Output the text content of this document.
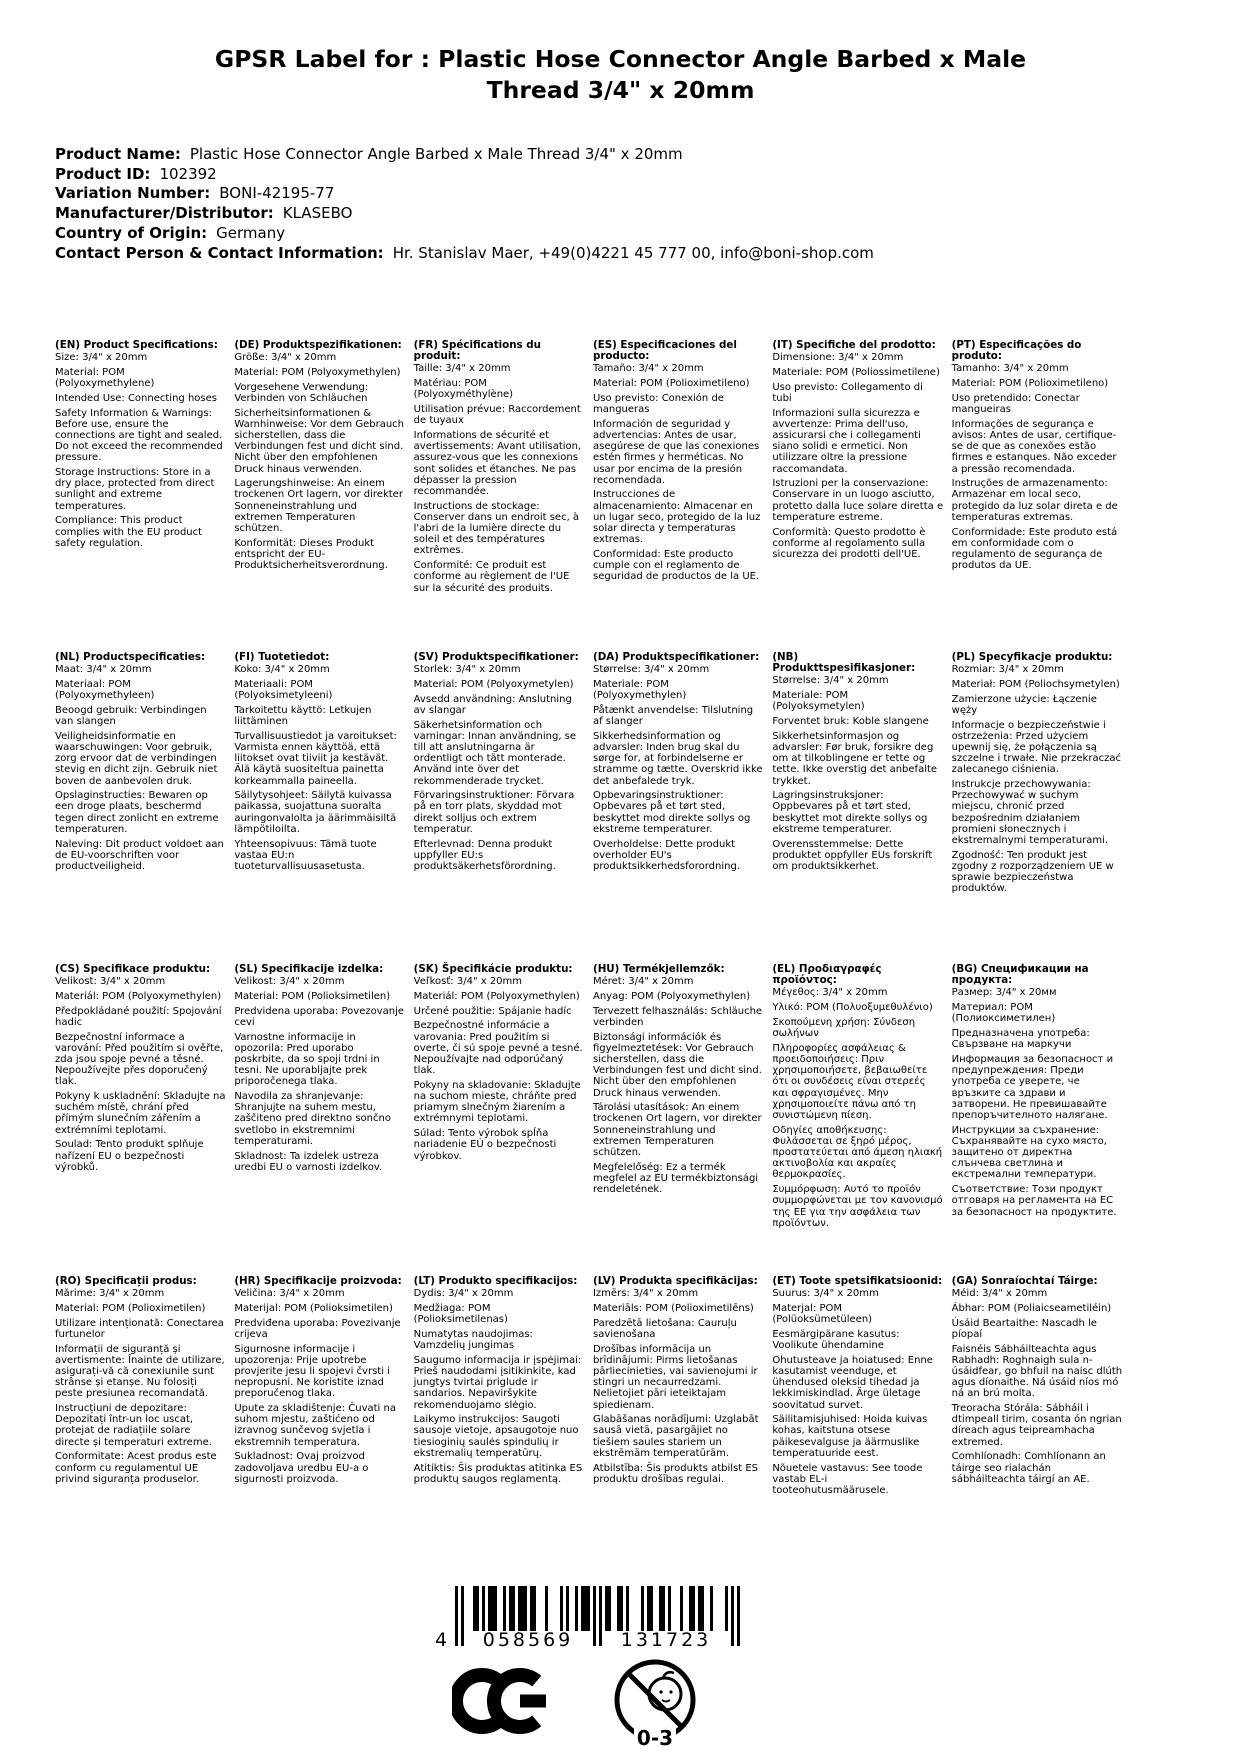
GPSR Label for : Plastic Hose Connector Angle Barbed x Male Thread 3/4" x 20mm
Product Name: Plastic Hose Connector Angle Barbed x Male Thread 3/4" x 20mm
Product ID: 102392
Variation Number: BONI-42195-77
Manufacturer/Distributor: KLASEBO
Country of Origin: Germany
Contact Person & Contact Information: Hr. Stanislav Maer, +49(0)4221 45 777 00, info@boni-shop.com
(EN) Product Specifications:

Size: 3/4" x 20mm

Material: POM (Polyoxymethylene)

Intended Use: Connecting hoses

Safety Information & Warnings: Before use, ensure the connections are tight and sealed. Do not exceed the recommended pressure.

Storage Instructions: Store in a dry place, protected from direct sunlight and extreme temperatures.

Compliance: This product complies with the EU product safety regulation.

(DE) Produktspezifikationen:

Größe: 3/4" x 20mm

Material: POM (Polyoxymethylen)

Vorgesehene Verwendung: Verbinden von Schläuchen

Sicherheitsinformationen & Warnhinweise: Vor dem Gebrauch sicherstellen, dass die Verbindungen fest und dicht sind. Nicht über den empfohlenen Druck hinaus verwenden.

Lagerungshinweise: An einem trockenen Ort lagern, vor direkter Sonneneinstrahlung und extremen Temperaturen schützen.

Konformität: Dieses Produkt entspricht der EU-Produktsicherheitsverordnung.

(FR) Spécifications du produit:

Taille: 3/4" x 20mm

Matériau: POM (Polyoxyméthylène)

Utilisation prévue: Raccordement de tuyaux

Informations de sécurité et avertissements: Avant utilisation, assurez-vous que les connexions sont solides et étanches. Ne pas dépasser la pression recommandée.

Instructions de stockage: Conserver dans un endroit sec, à l'abri de la lumière directe du soleil et des températures extrêmes.

Conformité: Ce produit est conforme au règlement de l'UE sur la sécurité des produits.

(ES) Especificaciones del producto:

Tamaño: 3/4" x 20mm

Material: POM (Polioximetileno)

Uso previsto: Conexión de mangueras

Información de seguridad y advertencias: Antes de usar, asegúrese de que las conexiones estén firmes y herméticas. No usar por encima de la presión recomendada.

Instrucciones de almacenamiento: Almacenar en un lugar seco, protegido de la luz solar directa y temperaturas extremas.

Conformidad: Este producto cumple con el reglamento de seguridad de productos de la UE.

(IT) Specifiche del prodotto:

Dimensione: 3/4" x 20mm

Materiale: POM (Poliossimetilene)

Uso previsto: Collegamento di tubi

Informazioni sulla sicurezza e avvertenze: Prima dell'uso, assicurarsi che i collegamenti siano solidi e ermetici. Non utilizzare oltre la pressione raccomandata.

Istruzioni per la conservazione: Conservare in un luogo asciutto, protetto dalla luce solare diretta e temperature estreme.

Conformità: Questo prodotto è conforme al regolamento sulla sicurezza dei prodotti dell'UE.

(PT) Especificações do produto:

Tamanho: 3/4" x 20mm

Material: POM (Polioximetileno)

Uso pretendido: Conectar mangueiras

Informações de segurança e avisos: Antes de usar, certifique-se de que as conexões estão firmes e estanques. Não exceder a pressão recomendada.

Instruções de armazenamento: Armazenar em local seco, protegido da luz solar direta e de temperaturas extremas.

Conformidade: Este produto está em conformidade com o regulamento de segurança de produtos da UE.

(NL) Productspecificaties:

Maat: 3/4" x 20mm

Materiaal: POM (Polyoxymethyleen)

Beoogd gebruik: Verbindingen van slangen

Veiligheidsinformatie en waarschuwingen: Voor gebruik, zorg ervoor dat de verbindingen stevig en dicht zijn. Gebruik niet boven de aanbevolen druk.

Opslaginstructies: Bewaren op een droge plaats, beschermd tegen direct zonlicht en extreme temperaturen.

Naleving: Dit product voldoet aan de EU-voorschriften voor productveiligheid.

(FI) Tuotetiedot:

Koko: 3/4" x 20mm

Materiaali: POM (Polyoksimetyleeni)

Tarkoitettu käyttö: Letkujen liittäminen

Turvallisuustiedot ja varoitukset: Varmista ennen käyttöä, että liitokset ovat tiiviit ja kestävät. Älä käytä suositeltua painetta korkeammalla paineella.

Säilytysohjeet: Säilytä kuivassa paikassa, suojattuna suoralta auringonvalolta ja äärimmäisiltä lämpötiloilta.

Yhteensopivuus: Tämä tuote vastaa EU:n tuoteturvallisuusasetusta.

(SV) Produktspecifikationer:

Storlek: 3/4" x 20mm

Material: POM (Polyoxymetylen)

Avsedd användning: Anslutning av slangar

Säkerhetsinformation och varningar: Innan användning, se till att anslutningarna är ordentligt och tätt monterade. Använd inte över det rekommenderade trycket.

Förvaringsinstruktioner: Förvara på en torr plats, skyddad mot direkt solljus och extrem temperatur.

Efterlevnad: Denna produkt uppfyller EU:s produktsäkerhetsförordning.

(DA) Produktspecifikationer:

Størrelse: 3/4" x 20mm

Materiale: POM (Polyoxymethylen)

Påtænkt anvendelse: Tilslutning af slanger

Sikkerhedsinformation og advarsler: Inden brug skal du sørge for, at forbindelserne er stramme og tætte. Overskrid ikke det anbefalede tryk.

Opbevaringsinstruktioner: Opbevares på et tørt sted, beskyttet mod direkte sollys og ekstreme temperaturer.

Overholdelse: Dette produkt overholder EU's produktsikkerhedsforordning.

(NB) Produkttspesifikasjoner:

Størrelse: 3/4" x 20mm

Materiale: POM (Polyoksymetylen)

Forventet bruk: Koble slangene

Sikkerhetsinformasjon og advarsler: Før bruk, forsikre deg om at tilkoblingene er tette og tette. Ikke overstig det anbefalte trykket.

Lagringsinstruksjoner: Oppbevares på et tørt sted, beskyttet mot direkte sollys og ekstreme temperaturer.

Overensstemmelse: Dette produktet oppfyller EUs forskrift om produktsikkerhet.

(PL) Specyfikacje produktu:

Rozmiar: 3/4" x 20mm

Materiał: POM (Poliochsymetylen)

Zamierzone użycie: Łączenie węży

Informacje o bezpieczeństwie i ostrzeżenia: Przed użyciem upewnij się, że połączenia są szczelne i trwałe. Nie przekraczać zalecanego ciśnienia.

Instrukcje przechowywania: Przechowywać w suchym miejscu, chronić przed bezpośrednim działaniem promieni słonecznych i ekstremalnymi temperaturami.

Zgodność: Ten produkt jest zgodny z rozporządzeniem UE w sprawie bezpieczeństwa produktów.

(CS) Specifikace produktu:

Velikost: 3/4" x 20mm

Materiál: POM (Polyoxymethylen)

Předpokládané použití: Spojování hadic

Bezpečnostní informace a varování: Před použitím si ověřte, zda jsou spoje pevné a těsné. Nepoužívejte přes doporučený tlak.

Pokyny k uskladnění: Skladujte na suchém místě, chrání před přímým slunečním zářením a extrémními teplotami.

Soulad: Tento produkt splňuje nařízení EU o bezpečnosti výrobků.

(SL) Specifikacije izdelka:

Velikost: 3/4" x 20mm

Material: POM (Polioksimetilen)

Predvidena uporaba: Povezovanje cevi

Varnostne informacije in opozorila: Pred uporabo poskrbite, da so spoji trdni in tesni. Ne uporabljajte prek priporočenega tlaka.

Navodila za shranjevanje: Shranjujte na suhem mestu, zaščiteno pred direktno sončno svetlobo in ekstremnimi temperaturami.

Skladnost: Ta izdelek ustreza uredbi EU o varnosti izdelkov.

(SK) Špecifikácie produktu:

Veľkosť: 3/4" x 20mm

Materiál: POM (Polyoxymethylen)

Určené použitie: Spájanie hadíc

Bezpečnostné informácie a varovania: Pred použitím si overte, či sú spoje pevné a tesné. Nepoužívajte nad odporúčaný tlak.

Pokyny na skladovanie: Skladujte na suchom mieste, chráňte pred priamym slnečným žiarením a extrémnymi teplotami.

Súlad: Tento výrobok spĺňa nariadenie EÚ o bezpečnosti výrobkov.

(HU) Termékjellemzők:

Méret: 3/4" x 20mm

Anyag: POM (Polyoxymethylen)

Tervezett felhasználás: Schläuche verbinden

Biztonsági információk és figyelmeztetések: Vor Gebrauch sicherstellen, dass die Verbindungen fest und dicht sind. Nicht über den empfohlenen Druck hinaus verwenden.

Tárolási utasítások: An einem trockenen Ort lagern, vor direkter Sonneneinstrahlung und extremen Temperaturen schützen.

Megfelelőség: Ez a termék megfelel az EU termékbiztonsági rendeletének.

(EL) Προδιαγραφές προϊόντος:

Μέγεθος: 3/4" x 20mm

Υλικό: POM (Πολυοξυμεθυλένιο)

Σκοπούμενη χρήση: Σύνδεση σωλήνων

Πληροφορίες ασφάλειας & προειδοποιήσεις: Πριν χρησιμοποιήσετε, βεβαιωθείτε ότι οι συνδέσεις είναι στερεές και σφραγισμένες. Μην χρησιμοποιείτε πάνω από τη συνιστώμενη πίεση.

Οδηγίες αποθήκευσης: Φυλάσσεται σε ξηρό μέρος, προστατεύεται από άμεση ηλιακή ακτινοβολία και ακραίες θερμοκρασίες.

Συμμόρφωση: Αυτό το προϊόν συμμορφώνεται με τον κανονισμό της ΕΕ για την ασφάλεια των προϊόντων.

(BG) Спецификации на продукта:

Размер: 3/4" x 20мм

Материал: POM (Полиоксиметилен)

Предназначена употреба: Свързване на маркучи

Информация за безопасност и предупреждения: Преди употреба се уверете, че връзките са здрави и затворени. Не превишавайте препоръчителното налягане.

Инструкции за съхранение: Съхранявайте на сухо място, защитено от директна слънчева светлина и екстремални температури.

Съответствие: Този продукт отговаря на регламента на ЕС за безопасност на продуктите.

(RO) Specificații produs:

Mărime: 3/4" x 20mm

Material: POM (Polioximetilen)

Utilizare intenționată: Conectarea furtunelor

Informații de siguranță și avertismente: Înainte de utilizare, asigurați-vă că conexiunile sunt strânse și etanșe. Nu folosiți peste presiunea recomandată.

Instrucțiuni de depozitare: Depozitați într-un loc uscat, protejat de radiațiile solare directe și temperaturi extreme.

Conformitate: Acest produs este conform cu regulamentul UE privind siguranța produselor.

(HR) Specifikacije proizvoda:

Veličina: 3/4" x 20mm

Materijal: POM (Polioksimetilen)

Predviđena uporaba: Povezivanje crijeva

Sigurnosne informacije i upozorenja: Prije upotrebe provjerite jesu li spojevi čvrsti i nepropusni. Ne koristite iznad preporučenog tlaka.

Upute za skladištenje: Čuvati na suhom mjestu, zaštićeno od izravnog sunčevog svjetla i ekstremnih temperatura.

Sukladnost: Ovaj proizvod zadovoljava uredbu EU-a o sigurnosti proizvoda.

(LT) Produkto specifikacijos:

Dydis: 3/4" x 20mm

Medžiaga: POM (Polioksimetilenas)

Numatytas naudojimas: Vamzdelių jungimas

Saugumo informacija ir įspėjimai: Prieš naudodami įsitikinkite, kad jungtys tvirtai priglude ir sandarios. Nepaviršykite rekomenduojamo slėgio.

Laikymo instrukcijos: Saugoti sausoje vietoje, apsaugotoje nuo tiesioginių saulės spindulių ir ekstremalių temperatūrų.

Atitiktis: Šis produktas atitinka ES produktų saugos reglamentą.

(LV) Produkta specifikācijas:

Izmērs: 3/4" x 20mm

Materiāls: POM (Polioximetilēns)

Paredzētā lietošana: Cauruļu savienošana

Drošības informācija un brīdinājumi: Pirms lietošanas pārliecinieties, vai savienojumi ir stingri un necaurredzami. Nelietojiet pāri ieteiktajam spiedienam.

Glabāšanas norādījumi: Uzglabāt sausā vietā, pasargājiet no tiešiem saules stariem un ekstrēmām temperatūrām.

Atbilstība: Šis produkts atbilst ES produktu drošības regulai.

(ET) Toote spetsifikatsioonid:

Suurus: 3/4" x 20mm

Materjal: POM (Polüoksümetüleen)

Eesmärgipärane kasutus: Voolikute ühendamine

Ohutusteave ja hoiatused: Enne kasutamist veenduge, et ühendused oleksid tihedad ja lekkimiskindlad. Ärge ületage soovitatud survet.

Säilitamisjuhised: Hoida kuivas kohas, kaitstuna otsese päikesevalguse ja äärmuslike temperatuuride eest.

Nõuetele vastavus: See toode vastab EL-i tooteohutusmäärusele.

(GA) Sonraíochtaí Táirge:

Méid: 3/4" x 20mm

Ábhar: POM (Poliaicseametiléin)

Úsáid Beartaithe: Nascadh le píopaí

Faisnéis Sábháilteachta agus Rabhadh: Roghnaigh sula n-úsáidfear, go bhfuil na naisc dlúth agus díonaithe. Ná úsáid níos mó ná an brú molta.

Treoracha Stórála: Sábháil i dtimpeall tirim, cosanta ón ngrian díreach agus teipreamhacha extremed.

Comhlíonadh: Comhlíonann an táirge seo rialachán sábháilteachta táirgí an AE.

4 058569 131723
0-3
